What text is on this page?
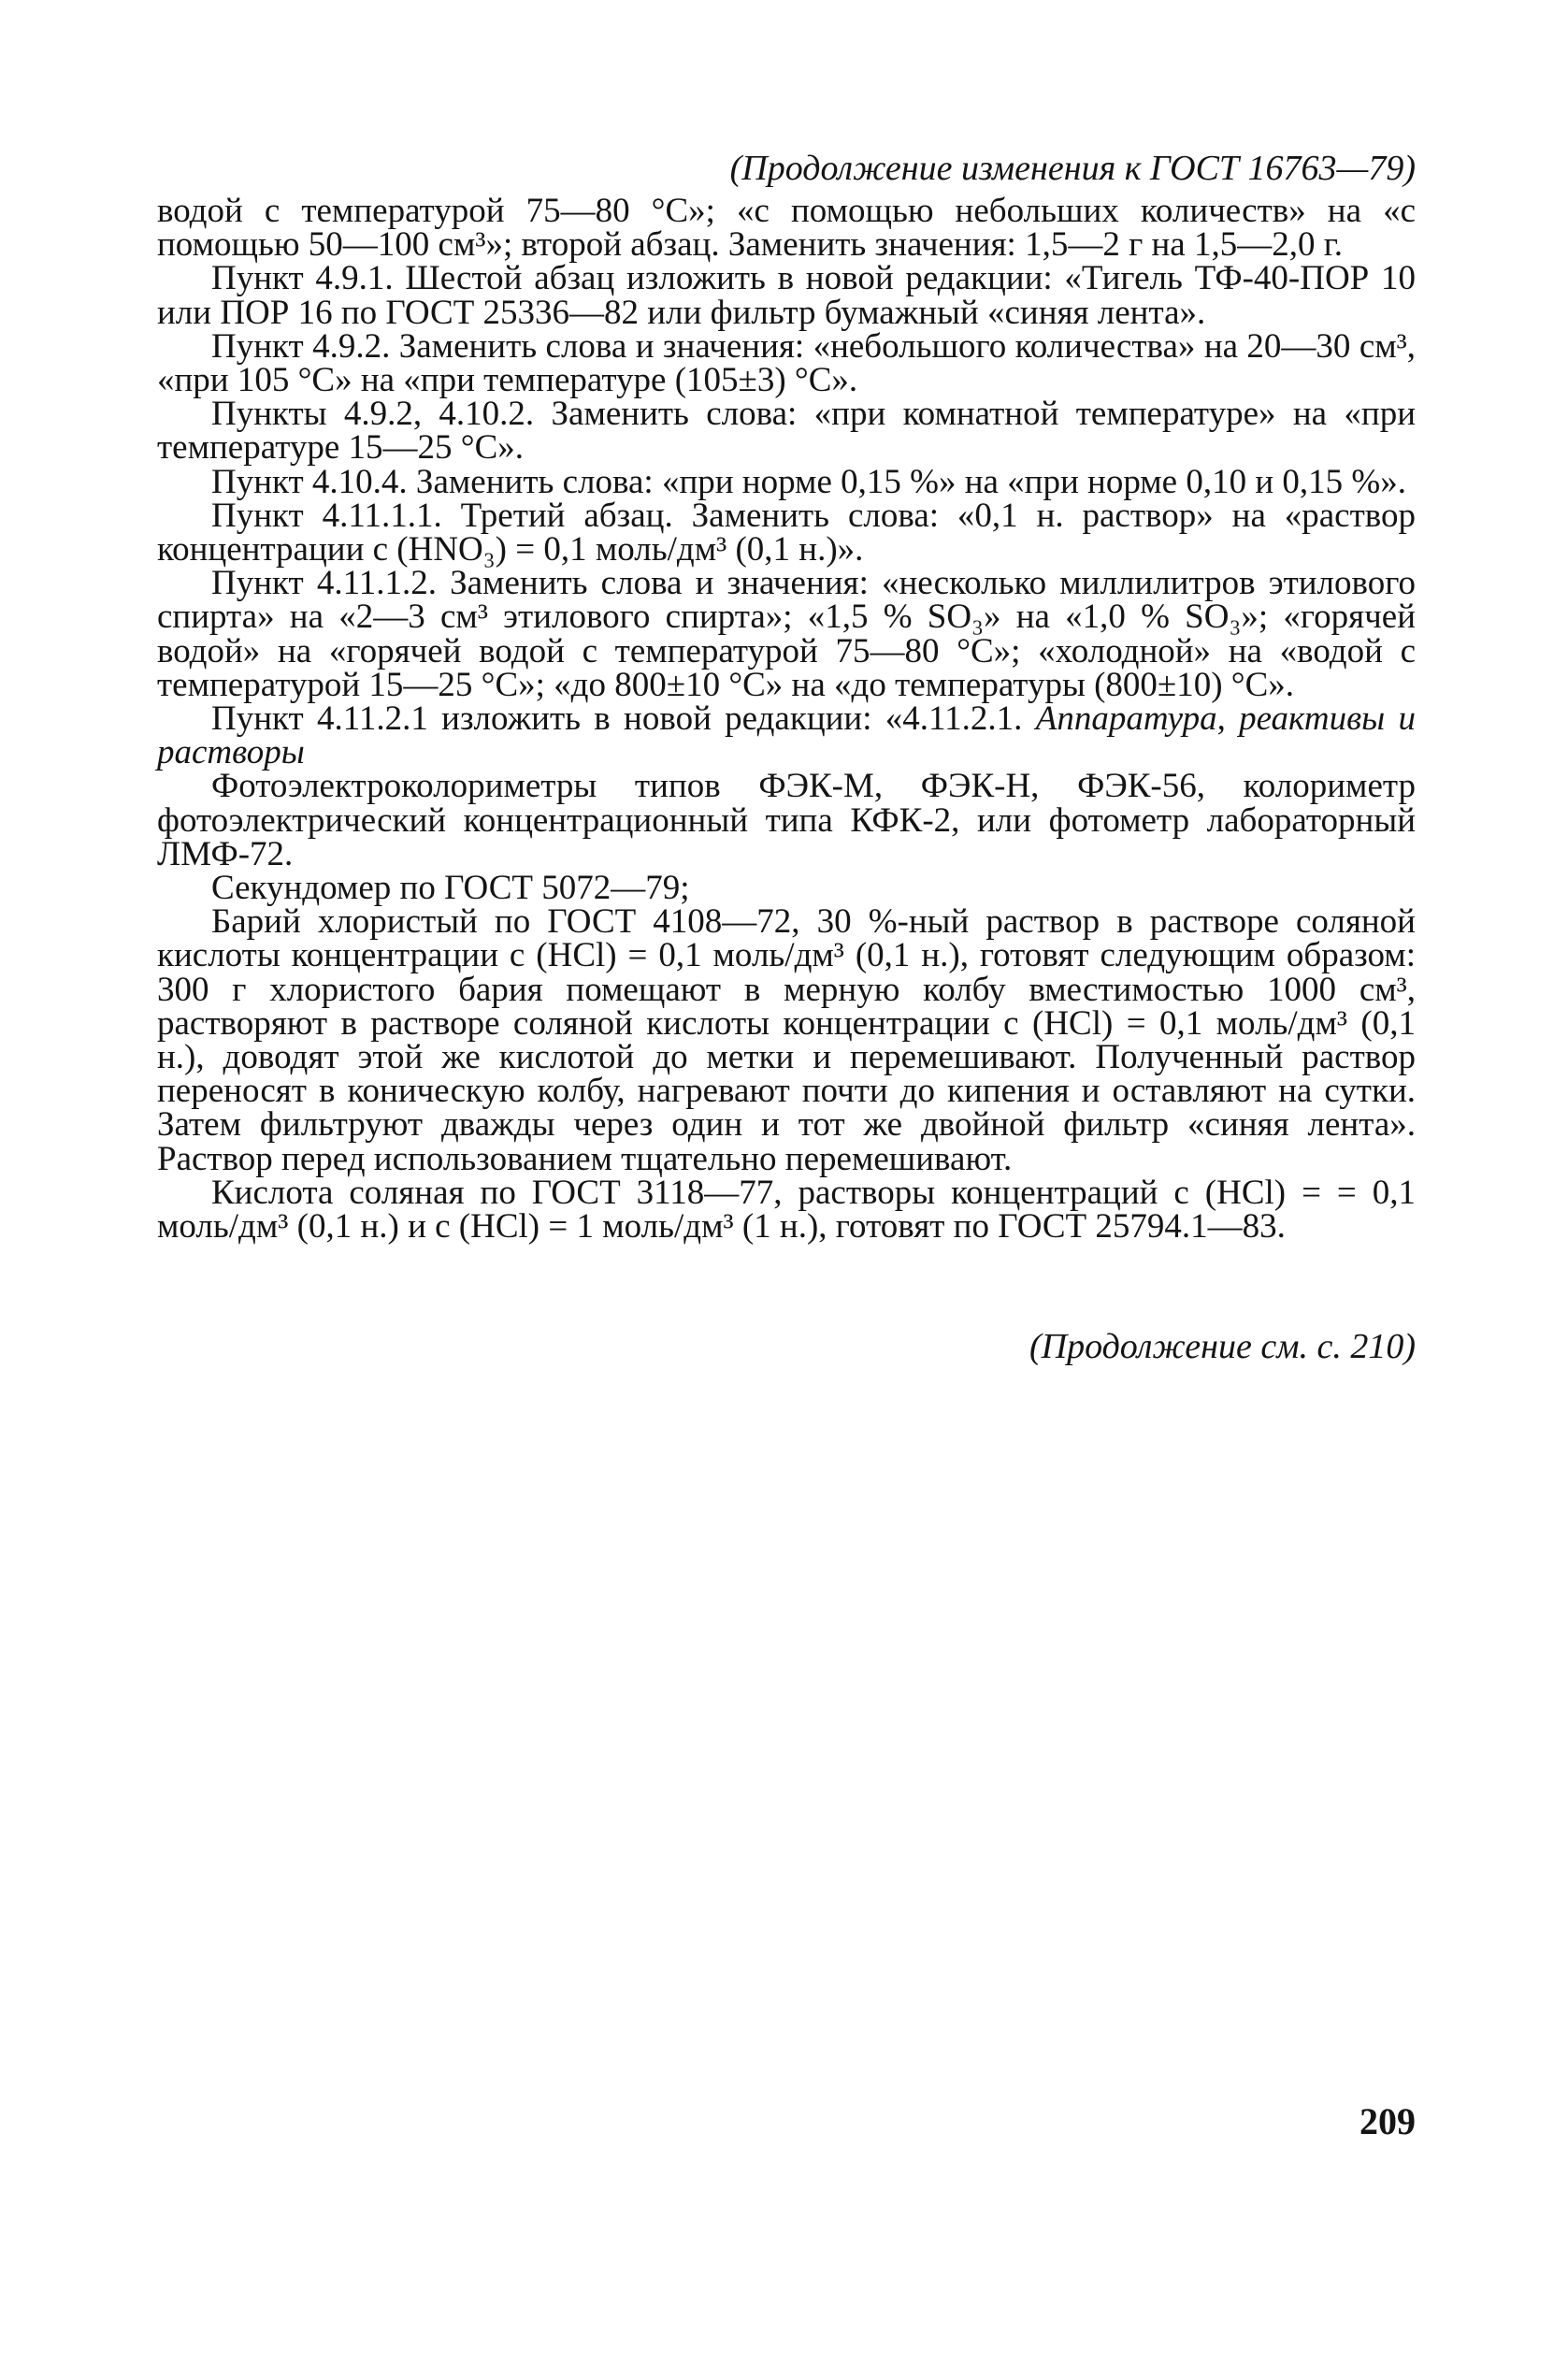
(Продолжение изменения к ГОСТ 16763—79)

водой с температурой 75—80 °С»; «с помощью небольших количеств» на «с помощью 50—100 см³»; второй абзац. Заменить значения: 1,5—2 г на 1,5—2,0 г.

Пункт 4.9.1. Шестой абзац изложить в новой редакции: «Тигель ТФ-40-ПОР 10 или ПОР 16 по ГОСТ 25336—82 или фильтр бумажный «синяя лента».

Пункт 4.9.2. Заменить слова и значения: «небольшого количества» на 20—30 см³, «при 105 °С» на «при температуре (105±3) °С».

Пункты 4.9.2, 4.10.2. Заменить слова: «при комнатной температуре» на «при температуре 15—25 °С».

Пункт 4.10.4. Заменить слова: «при норме 0,15 %» на «при норме 0,10 и 0,15 %».

Пункт 4.11.1.1. Третий абзац. Заменить слова: «0,1 н. раствор» на «раствор концентрации с (HNO₃) = 0,1 моль/дм³ (0,1 н.)».

Пункт 4.11.1.2. Заменить слова и значения: «несколько миллилитров этилового спирта» на «2—3 см³ этилового спирта»; «1,5 % SO₃» на «1,0 % SO₃»; «горячей водой» на «горячей водой с температурой 75—80 °С»; «холодной» на «водой с температурой 15—25 °С»; «до 800±10 °С» на «до температуры (800±10) °С».

Пункт 4.11.2.1 изложить в новой редакции: «4.11.2.1. Аппаратура, реактивы и растворы

Фотоэлектроколориметры типов ФЭК-М, ФЭК-Н, ФЭК-56, колориметр фотоэлектрический концентрационный типа КФК-2, или фотометр лабораторный ЛМФ-72.

Секундомер по ГОСТ 5072—79;

Барий хлористый по ГОСТ 4108—72, 30 %-ный раствор в растворе соляной кислоты концентрации с (HCl) = 0,1 моль/дм³ (0,1 н.), готовят следующим образом: 300 г хлористого бария помещают в мерную колбу вместимостью 1000 см³, растворяют в растворе соляной кислоты концентрации с (HCl) = 0,1 моль/дм³ (0,1 н.), доводят этой же кислотой до метки и перемешивают. Полученный раствор переносят в коническую колбу, нагревают почти до кипения и оставляют на сутки. Затем фильтруют дважды через один и тот же двойной фильтр «синяя лента». Раствор перед использованием тщательно перемешивают.

Кислота соляная по ГОСТ 3118—77, растворы концентраций с (HCl) = = 0,1 моль/дм³ (0,1 н.) и с (HCl) = 1 моль/дм³ (1 н.), готовят по ГОСТ 25794.1—83.

(Продолжение см. с. 210)
209
